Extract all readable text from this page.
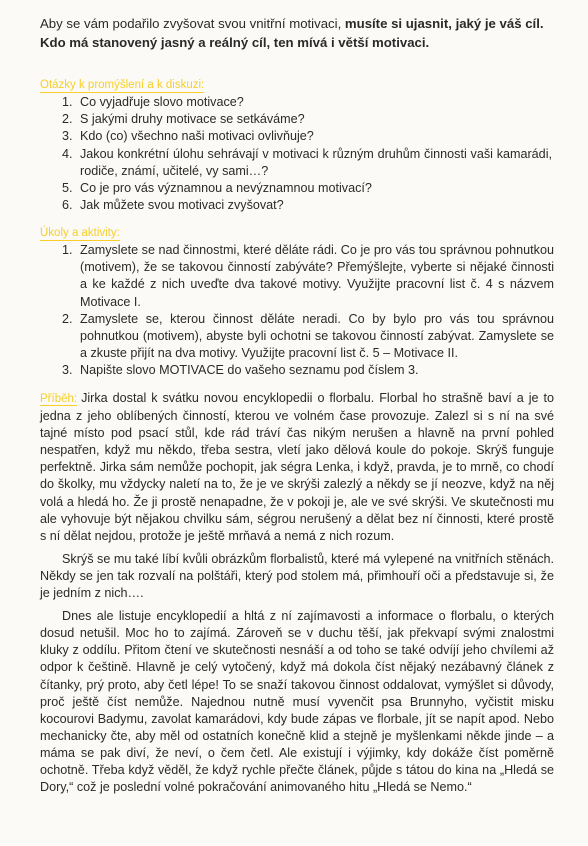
Aby se vám podařilo zvyšovat svou vnitřní motivaci, musíte si ujasnit, jaký je váš cíl.
Kdo má stanovený jasný a reálný cíl, ten mívá i větší motivaci.
Otázky k promýšlení a k diskuzi:
1. Co vyjadřuje slovo motivace?
2. S jakými druhy motivace se setkáváme?
3. Kdo (co) všechno naši motivaci ovlivňuje?
4. Jakou konkrétní úlohu sehrávají v motivaci k různým druhům činnosti vaši kamarádi, rodiče, známí, učitelé, vy sami…?
5. Co je pro vás významnou a nevýznamnou motivací?
6. Jak můžete svou motivaci zvyšovat?
Úkoly a aktivity:
1. Zamyslete se nad činnostmi, které děláte rádi. Co je pro vás tou správnou pohnutkou (motivem), že se takovou činností zabýváte? Přemýšlejte, vyberte si nějaké činnosti a ke každé z nich uveďte dva takové motivy. Využijte pracovní list č. 4 s názvem Motivace I.
2. Zamyslete se, kterou činnost děláte neradi. Co by bylo pro vás tou správnou pohnutkou (motivem), abyste byli ochotni se takovou činností zabývat. Zamyslete se a zkuste přijít na dva motivy. Využijte pracovní list č. 5 – Motivace II.
3. Napište slovo MOTIVACE do vašeho seznamu pod číslem 3.

Příběh: Jirka dostal k svátku novou encyklopedii o florbalu. Florbal ho strašně baví a je to jedna z jeho oblíbených činností, kterou ve volném čase provozuje. Zalezl si s ní na své tajné místo pod psací stůl, kde rád tráví čas nikým nerušen a hlavně na první pohled nespatřen, když mu někdo, třeba sestra, vletí jako dělová koule do pokoje. Skrýš funguje perfektně. Jirka sám nemůže pochopit, jak ségra Lenka, i když, pravda, je to mrně, co chodí do školky, mu vždycky naletí na to, že je ve skrýši zalezlý a někdy se jí neozve, když na něj volá a hledá ho. Že ji prostě nenapadne, že v pokoji je, ale ve své skrýši. Ve skutečnosti mu ale vyhovuje být nějakou chvilku sám, ségrou nerušený a dělat bez ní činnosti, které prostě s ní dělat nejdou, protože je ještě mrňavá a nemá z nich rozum.

Skrýš se mu také líbí kvůli obrázkům florbalistů, které má vylepené na vnitřních stěnách. Někdy se jen tak rozvalí na polštáři, který pod stolem má, přimhouří oči a představuje si, že je jedním z nich….

Dnes ale listuje encyklopedií a hltá z ní zajímavosti a informace o florbalu, o kterých dosud netušil. Moc ho to zajímá. Zároveň se v duchu těší, jak překvapí svými znalostmi kluky z oddílu. Přitom čtení ve skutečnosti nesnáší a od toho se také odvíjí jeho chvílemi až odpor k češtině. Hlavně je celý vytočený, když má dokola číst nějaký nezábavný článek z čítanky, prý proto, aby četl lépe! To se snaží takovou činnost oddalovat, vymýšlet si důvody, proč ještě číst nemůže. Najednou nutně musí vyvenčit psa Brunnyho, vyčistit misku kocourovi Badymu, zavolat kamarádovi, kdy bude zápas ve florbale, jít se napít apod. Nebo mechanicky čte, aby měl od ostatních konečně klid a stejně je myšlenkami někde jinde – a máma se pak diví, že neví, o čem četl. Ale existují i výjimky, kdy dokáže číst poměrně ochotně. Třeba když věděl, že když rychle přečte článek, půjde s tátou do kina na „Hledá se Dory,“ což je poslední volné pokračování animovaného hitu „Hledá se Nemo.“
